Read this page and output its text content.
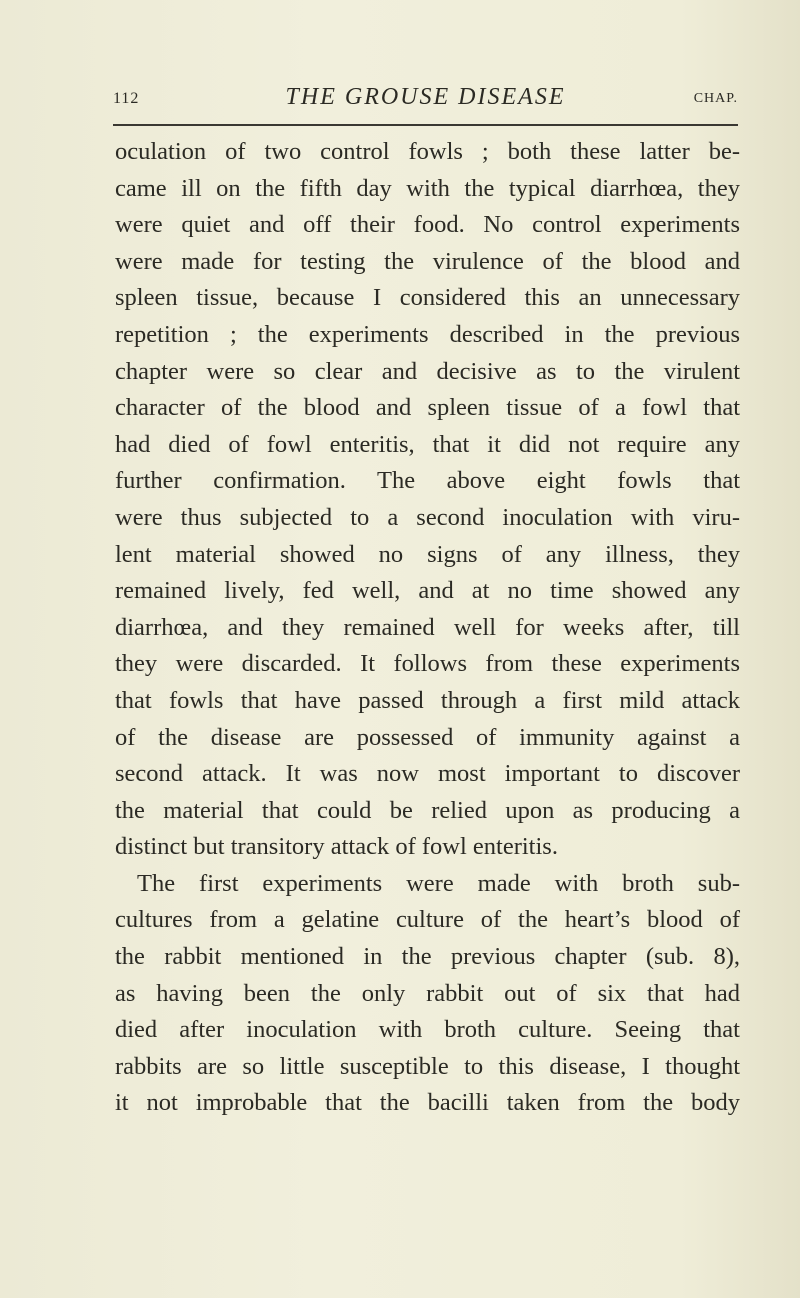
112	THE GROUSE DISEASE	CHAP.
oculation of two control fowls ; both these latter be-
came ill on the fifth day with the typical diarrhœa, they
were quiet and off their food. No control experiments
were made for testing the virulence of the blood and
spleen tissue, because I considered this an unnecessary
repetition ; the experiments described in the previous
chapter were so clear and decisive as to the virulent
character of the blood and spleen tissue of a fowl that
had died of fowl enteritis, that it did not require any
further confirmation. The above eight fowls that
were thus subjected to a second inoculation with viru-
lent material showed no signs of any illness, they
remained lively, fed well, and at no time showed any
diarrhœa, and they remained well for weeks after, till
they were discarded. It follows from these experiments
that fowls that have passed through a first mild attack
of the disease are possessed of immunity against a
second attack. It was now most important to discover
the material that could be relied upon as producing a
distinct but transitory attack of fowl enteritis.
The first experiments were made with broth sub-
cultures from a gelatine culture of the heart’s blood of
the rabbit mentioned in the previous chapter (sub. 8),
as having been the only rabbit out of six that had
died after inoculation with broth culture. Seeing that
rabbits are so little susceptible to this disease, I thought
it not improbable that the bacilli taken from the body
